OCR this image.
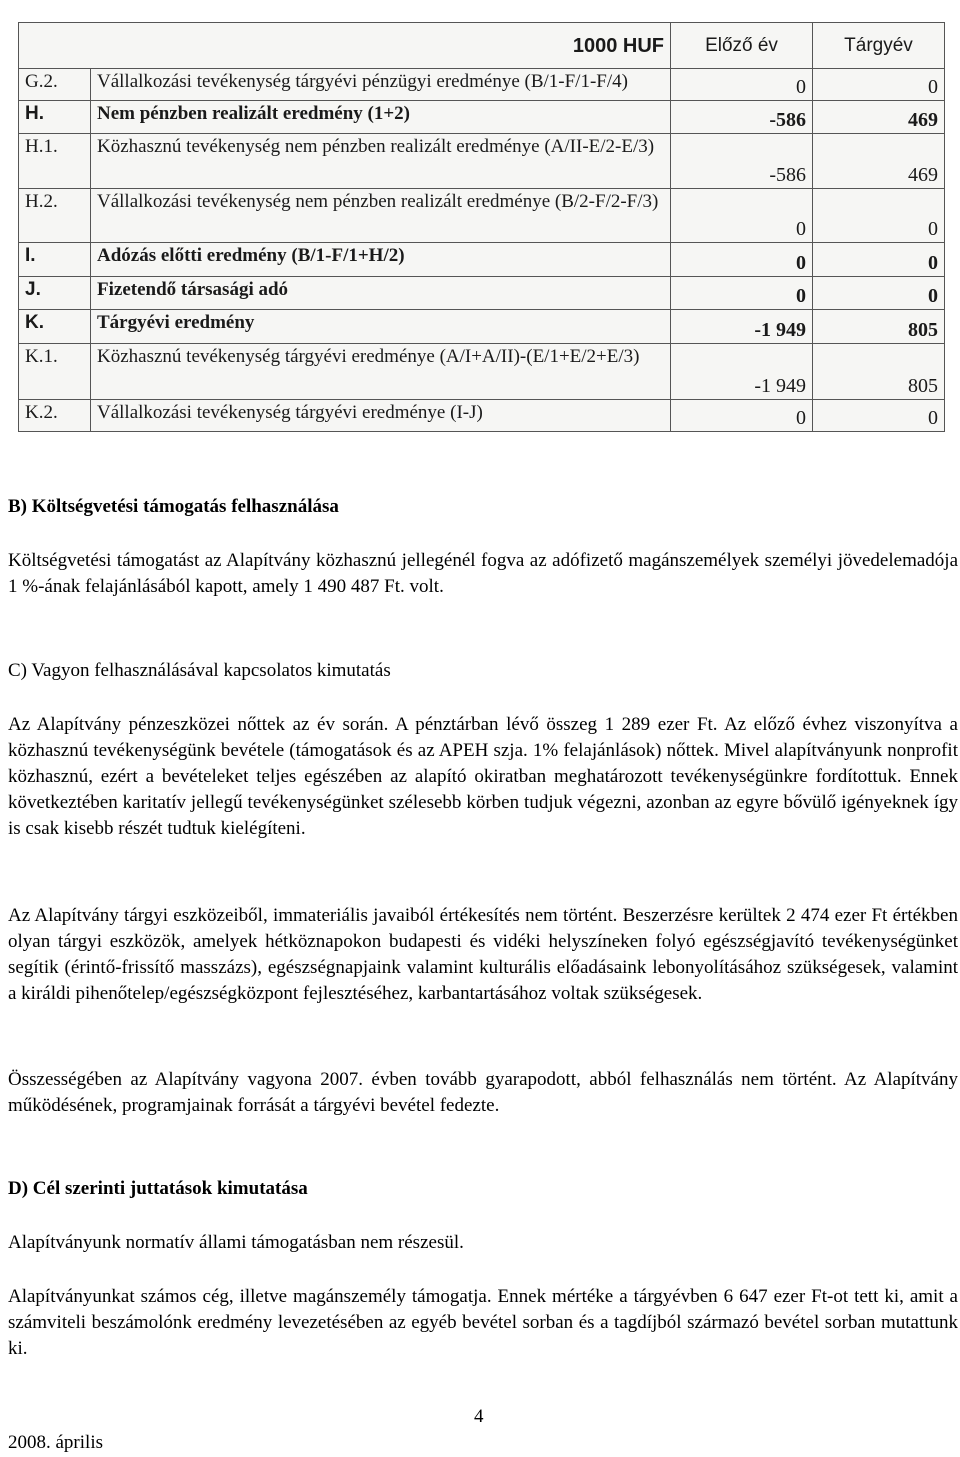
	1000 HUF	Előző év	Tárgyév
G.2.	Vállalkozási tevékenység tárgyévi pénzügyi eredménye (B/1-F/1-F/4)	0	0
H.	Nem pénzben realizált eredmény (1+2)	-586	469
H.1.	Közhasznú tevékenység nem pénzben realizált eredménye (A/II-E/2-E/3)	-586	469
H.2.	Vállalkozási tevékenység nem pénzben realizált eredménye (B/2-F/2-F/3)	0	0
I.	Adózás előtti eredmény (B/1-F/1+H/2)	0	0
J.	Fizetendő társasági adó	0	0
K.	Tárgyévi eredmény	-1 949	805
K.1.	Közhasznú tevékenység tárgyévi eredménye (A/I+A/II)-(E/1+E/2+E/3)	-1 949	805
K.2.	Vállalkozási tevékenység tárgyévi eredménye (I-J)	0	0
B) Költségvetési támogatás felhasználása

Költségvetési támogatást az Alapítvány közhasznú jellegénél fogva az adófizető magánszemélyek személyi jövedelemadója 1 %-ának felajánlásából kapott, amely 1 490 487 Ft. volt.

C) Vagyon felhasználásával kapcsolatos kimutatás

Az Alapítvány pénzeszközei nőttek az év során. A pénztárban lévő összeg 1 289 ezer Ft. Az előző évhez viszonyítva a közhasznú tevékenységünk bevétele (támogatások és az APEH szja. 1% felajánlások) nőttek. Mivel alapítványunk nonprofit közhasznú, ezért a bevételeket teljes egészében az alapító okiratban meghatározott tevékenységünkre fordítottuk. Ennek következtében karitatív jellegű tevékenységünket szélesebb körben tudjuk végezni, azonban az egyre bővülő igényeknek így is csak kisebb részét tudtuk kielégíteni.

Az Alapítvány tárgyi eszközeiből, immateriális javaiból értékesítés nem történt. Beszerzésre kerültek 2 474 ezer Ft értékben olyan tárgyi eszközök, amelyek hétköznapokon budapesti és vidéki helyszíneken folyó egészségjavító tevékenységünket segítik (érintő-frissítő masszázs), egészségnapjaink valamint kulturális előadásaink lebonyolításához szükségesek, valamint a királdi pihenőtelep/egészségközpont fejlesztéséhez, karbantartásához voltak szükségesek.

Összességében az Alapítvány vagyona 2007. évben tovább gyarapodott, abból felhasználás nem történt. Az Alapítvány működésének, programjainak forrását a tárgyévi bevétel fedezte.

D) Cél szerinti juttatások kimutatása

Alapítványunk normatív állami támogatásban nem részesül.

Alapítványunkat számos cég, illetve magánszemély támogatja. Ennek mértéke a tárgyévben 6 647 ezer Ft-ot tett ki, amit a számviteli beszámolónk eredmény levezetésében az egyéb bevétel sorban és a tagdíjból származó bevétel sorban mutattunk ki.

4
2008. április
